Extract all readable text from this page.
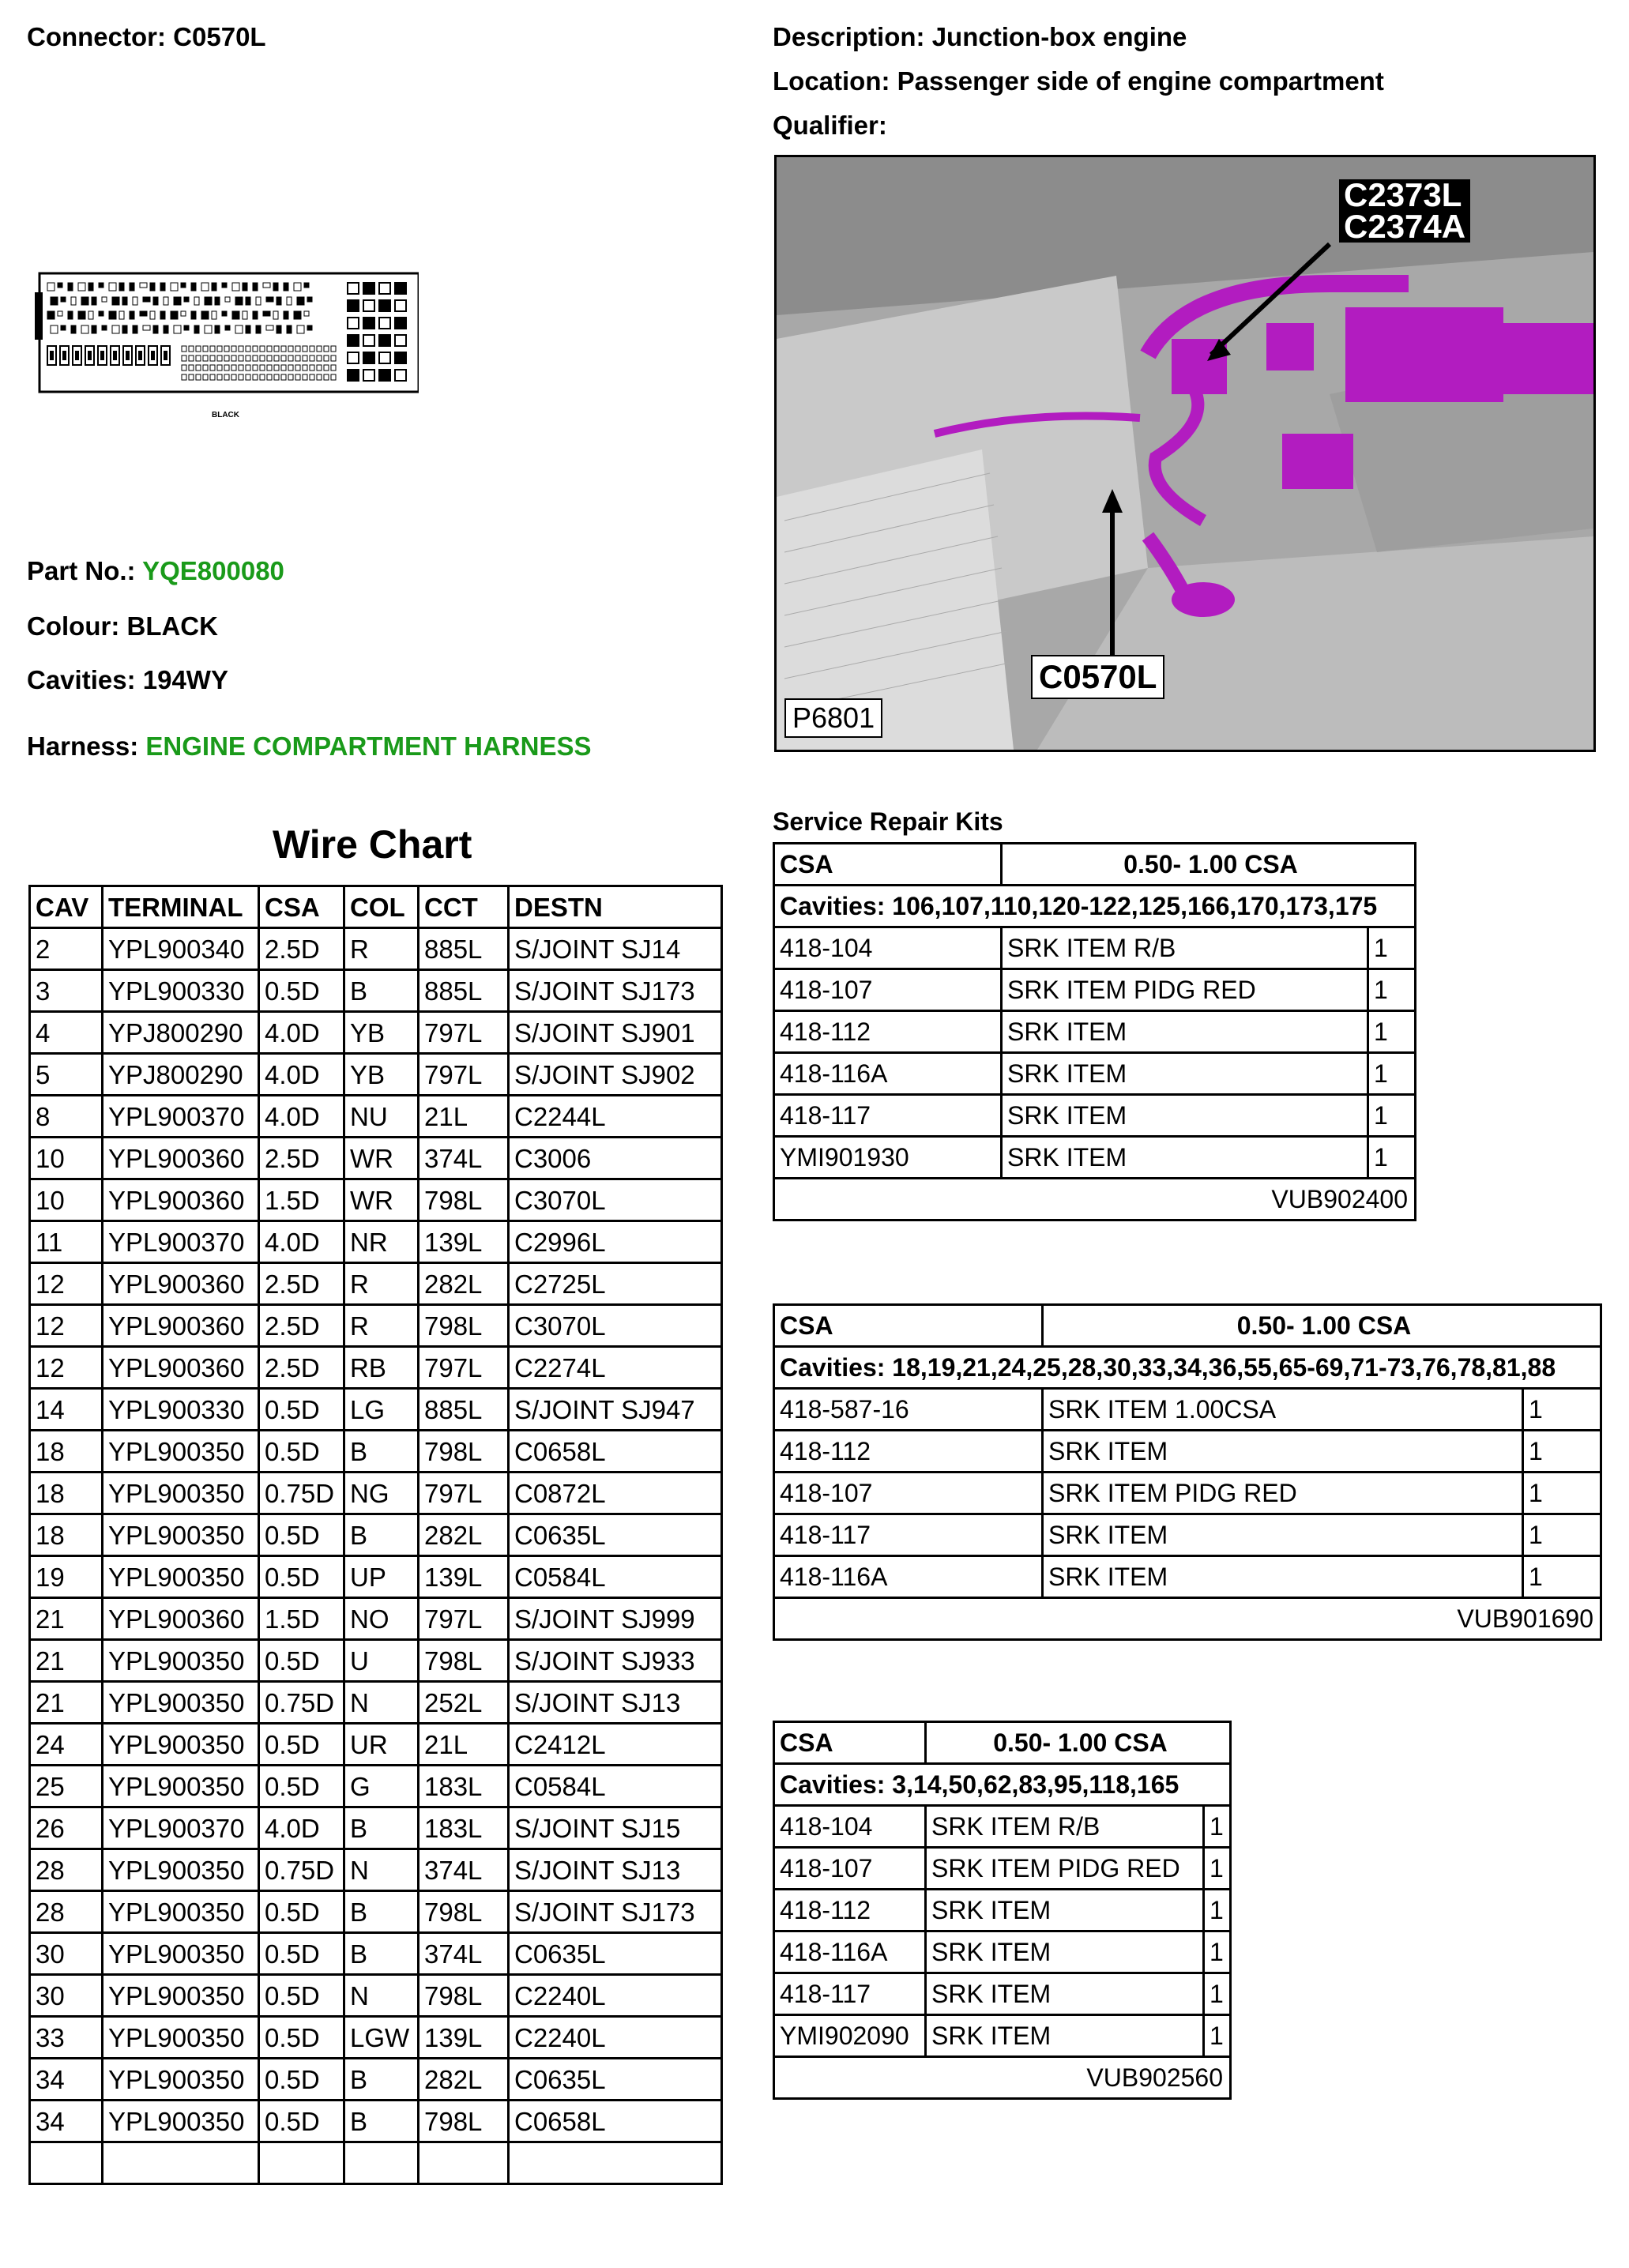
Connector: C0570L	Description: Junction-box engine
Location: Passenger side of engine compartment
Qualifier:
BLACK
Part No.: YQE800080
Colour: BLACK
Cavities: 194WY
Harness: ENGINE COMPARTMENT HARNESS
C2373L
C2374A
C0570L
P6801
Wire Chart
CAV	TERMINAL	CSA	COL	CCT	DESTN
2	YPL900340	2.5D	R	885L	S/JOINT SJ14
3	YPL900330	0.5D	B	885L	S/JOINT SJ173
4	YPJ800290	4.0D	YB	797L	S/JOINT SJ901
5	YPJ800290	4.0D	YB	797L	S/JOINT SJ902
8	YPL900370	4.0D	NU	21L	C2244L
10	YPL900360	2.5D	WR	374L	C3006
10	YPL900360	1.5D	WR	798L	C3070L
11	YPL900370	4.0D	NR	139L	C2996L
12	YPL900360	2.5D	R	282L	C2725L
12	YPL900360	2.5D	R	798L	C3070L
12	YPL900360	2.5D	RB	797L	C2274L
14	YPL900330	0.5D	LG	885L	S/JOINT SJ947
18	YPL900350	0.5D	B	798L	C0658L
18	YPL900350	0.75D	NG	797L	C0872L
18	YPL900350	0.5D	B	282L	C0635L
19	YPL900350	0.5D	UP	139L	C0584L
21	YPL900360	1.5D	NO	797L	S/JOINT SJ999
21	YPL900350	0.5D	U	798L	S/JOINT SJ933
21	YPL900350	0.75D	N	252L	S/JOINT SJ13
24	YPL900350	0.5D	UR	21L	C2412L
25	YPL900350	0.5D	G	183L	C0584L
26	YPL900370	4.0D	B	183L	S/JOINT SJ15
28	YPL900350	0.75D	N	374L	S/JOINT SJ13
28	YPL900350	0.5D	B	798L	S/JOINT SJ173
30	YPL900350	0.5D	B	374L	C0635L
30	YPL900350	0.5D	N	798L	C2240L
33	YPL900350	0.5D	LGW	139L	C2240L
34	YPL900350	0.5D	B	282L	C0635L
34	YPL900350	0.5D	B	798L	C0658L

Service Repair Kits
CSA	0.50- 1.00 CSA	
Cavities: 106,107,110,120-122,125,166,170,173,175		
418-104	SRK ITEM R/B	1
418-107	SRK ITEM PIDG RED	1
418-112	SRK ITEM	1
418-116A	SRK ITEM	1
418-117	SRK ITEM	1
YMI901930	SRK ITEM	1
VUB902400		
CSA	0.50- 1.00 CSA	
Cavities: 18,19,21,24,25,28,30,33,34,36,55,65-69,71-73,76,78,81,88		
418-587-16	SRK ITEM 1.00CSA	1
418-112	SRK ITEM	1
418-107	SRK ITEM PIDG RED	1
418-117	SRK ITEM	1
418-116A	SRK ITEM	1
VUB901690		
CSA	0.50- 1.00 CSA	
Cavities: 3,14,50,62,83,95,118,165		
418-104	SRK ITEM R/B	1
418-107	SRK ITEM PIDG RED	1
418-112	SRK ITEM	1
418-116A	SRK ITEM	1
418-117	SRK ITEM	1
YMI902090	SRK ITEM	1
VUB902560		
